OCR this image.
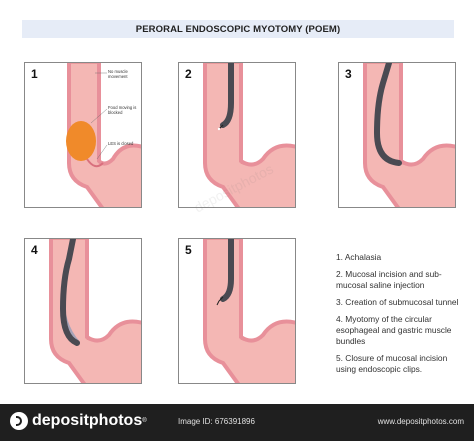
PERORAL ENDOSCOPIC MYOTOMY (POEM)
1	No muscle movement
Food moving is blocked
LES is closed
2	3
4	5	1. Achalasia
2. Mucosal incision and sub-mucosal saline injection
3. Creation of submucosal tunnel
4. Myotomy of the circular esophageal and gastric muscle bundles
5. Closure of mucosal incision using endoscopic clips.
depositphotos ®	Image ID: 676391896	www.depositphotos.com
